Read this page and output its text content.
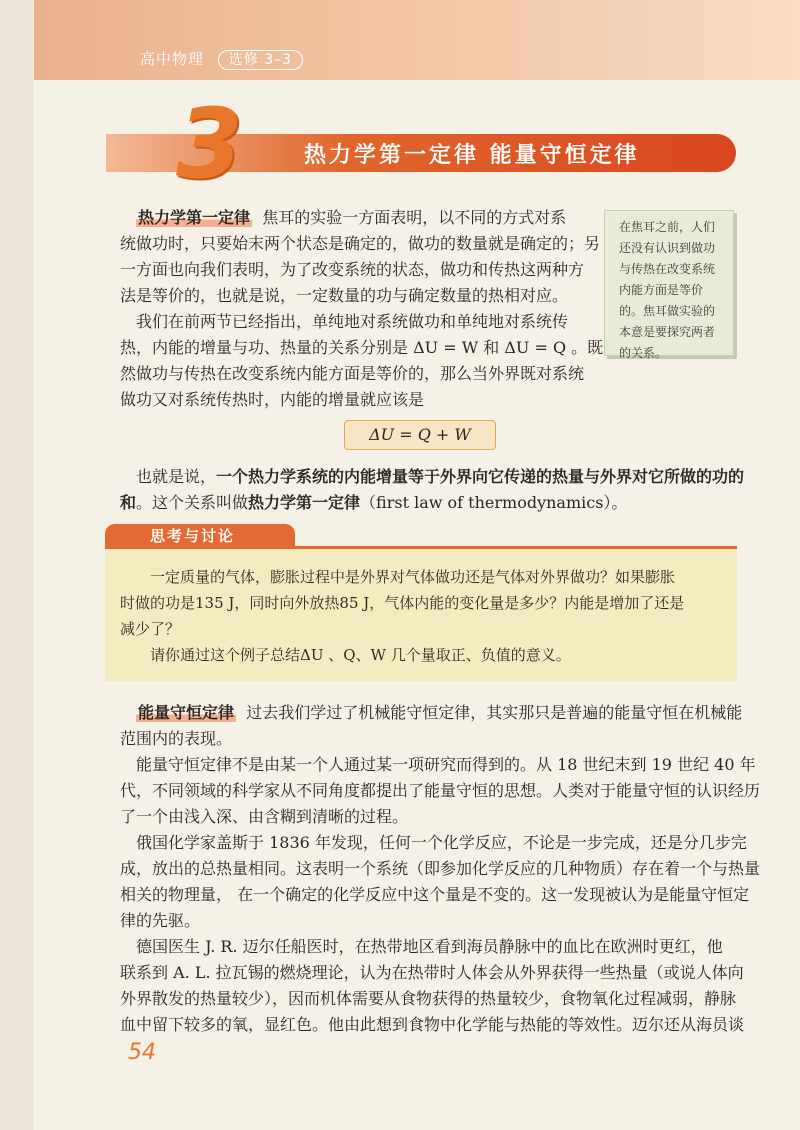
高中物理 选修 3–3
3	热力学第一定律 能量守恒定律

热力学第一定律 焦耳的实验一方面表明，以不同的方式对系

统做功时，只要始末两个状态是确定的，做功的数量就是确定的；另

一方面也向我们表明，为了改变系统的状态，做功和传热这两种方

法是等价的，也就是说，一定数量的功与确定数量的热相对应。

在焦耳之前，人们还没有认识到做功与传热在改变系统内能方面是等价的。焦耳做实验的本意是要探究两者的关系。

我们在前两节已经指出，单纯地对系统做功和单纯地对系统传

热，内能的增量与功、热量的关系分别是 ΔU = W 和 ΔU = Q 。既

然做功与传热在改变系统内能方面是等价的，那么当外界既对系统

做功又对系统传热时，内能的增量就应该是

ΔU = Q + W

也就是说，一个热力学系统的内能增量等于外界向它传递的热量与外界对它所做的功的

和。这个关系叫做热力学第一定律（first law of thermodynamics）。

思考与讨论

一定质量的气体，膨胀过程中是外界对气体做功还是气体对外界做功？如果膨胀

时做的功是135 J，同时向外放热85 J，气体内能的变化量是多少？内能是增加了还是

减少了？

请你通过这个例子总结ΔU 、Q、W 几个量取正、负值的意义。

能量守恒定律 过去我们学过了机械能守恒定律，其实那只是普遍的能量守恒在机械能

范围内的表现。

能量守恒定律不是由某一个人通过某一项研究而得到的。从 18 世纪末到 19 世纪 40 年

代，不同领域的科学家从不同角度都提出了能量守恒的思想。人类对于能量守恒的认识经历

了一个由浅入深、由含糊到清晰的过程。

俄国化学家盖斯于 1836 年发现，任何一个化学反应，不论是一步完成，还是分几步完

成，放出的总热量相同。这表明一个系统（即参加化学反应的几种物质）存在着一个与热量

相关的物理量， 在一个确定的化学反应中这个量是不变的。这一发现被认为是能量守恒定

律的先驱。

德国医生 J. R. 迈尔任船医时，在热带地区看到海员静脉中的血比在欧洲时更红，他

联系到 A. L. 拉瓦锡的燃烧理论，认为在热带时人体会从外界获得一些热量（或说人体向

外界散发的热量较少），因而机体需要从食物获得的热量较少，食物氧化过程减弱，静脉

血中留下较多的氧，显红色。他由此想到食物中化学能与热能的等效性。迈尔还从海员谈

54
